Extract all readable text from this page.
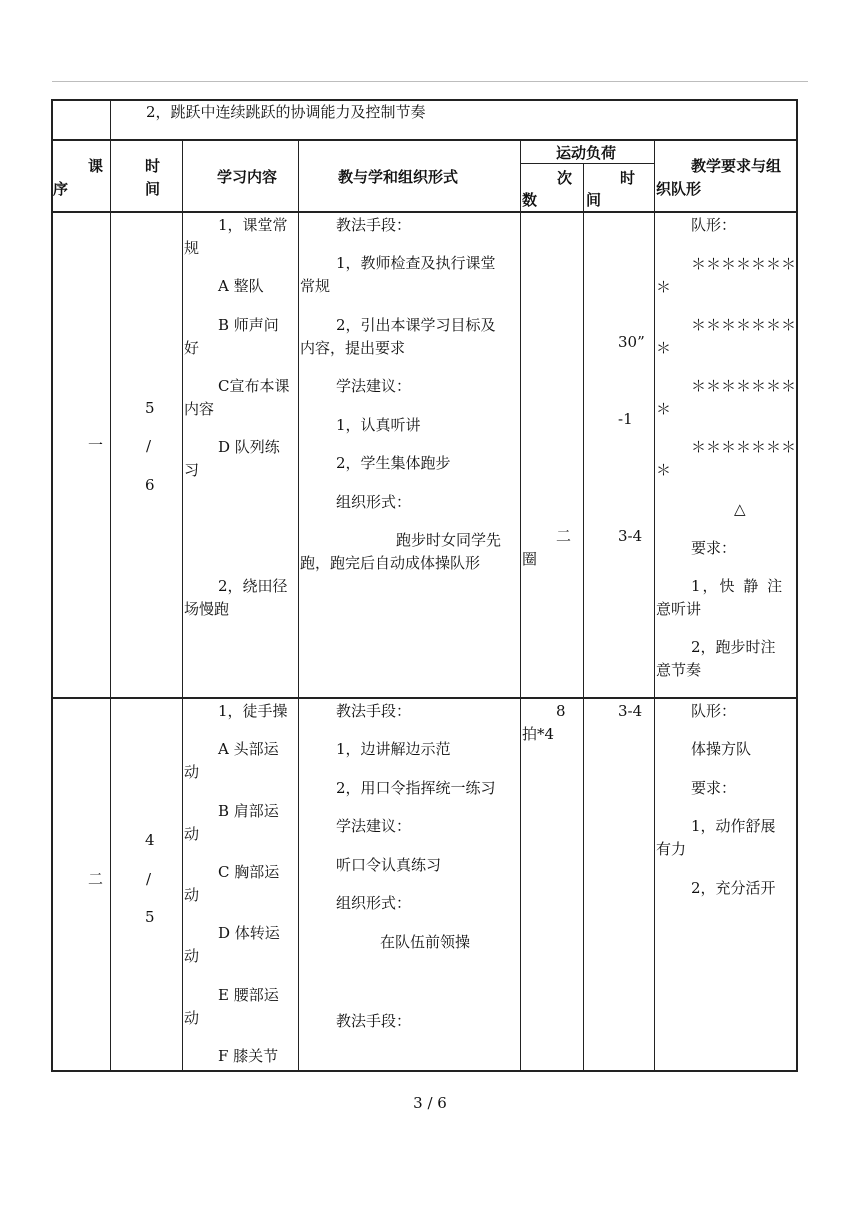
2，跳跃中连续跳跃的协调能力及控制节奏
课
序
时
间
学习内容	教与学和组织形式
运动负荷
次
数
时
间
教学要求与组
织队形
一
5
/
6
1，课堂常
规
A 整队
B 师声问
好
C宣布本课
内容
D 队列练
习
2，绕田径
场慢跑
教法手段：
1，教师检查及执行课堂
常规
2，引出本课学习目标及
内容，提出要求
学法建议：
1，认真听讲
2，学生集体跑步
组织形式：
跑步时女同学先
跑，跑完后自动成体操队形
二
圈
30”
-1
3-4
队形：
＊＊＊＊＊＊＊
＊
＊＊＊＊＊＊＊
＊
＊＊＊＊＊＊＊
＊
＊＊＊＊＊＊＊
＊
△
要求：
1，快 静 注
意听讲
2，跑步时注
意节奏
二
4
/
5
1，徒手操
A 头部运
动
B 肩部运
动
C 胸部运
动
D 体转运
动
E 腰部运
动
F 膝关节
教法手段：
1，边讲解边示范
2，用口令指挥统一练习
学法建议：
听口令认真练习
组织形式：
在队伍前领操
教法手段：
8
拍*4
3-4	队形：
体操方队
要求：
1，动作舒展
有力
2，充分活开
3 / 6
